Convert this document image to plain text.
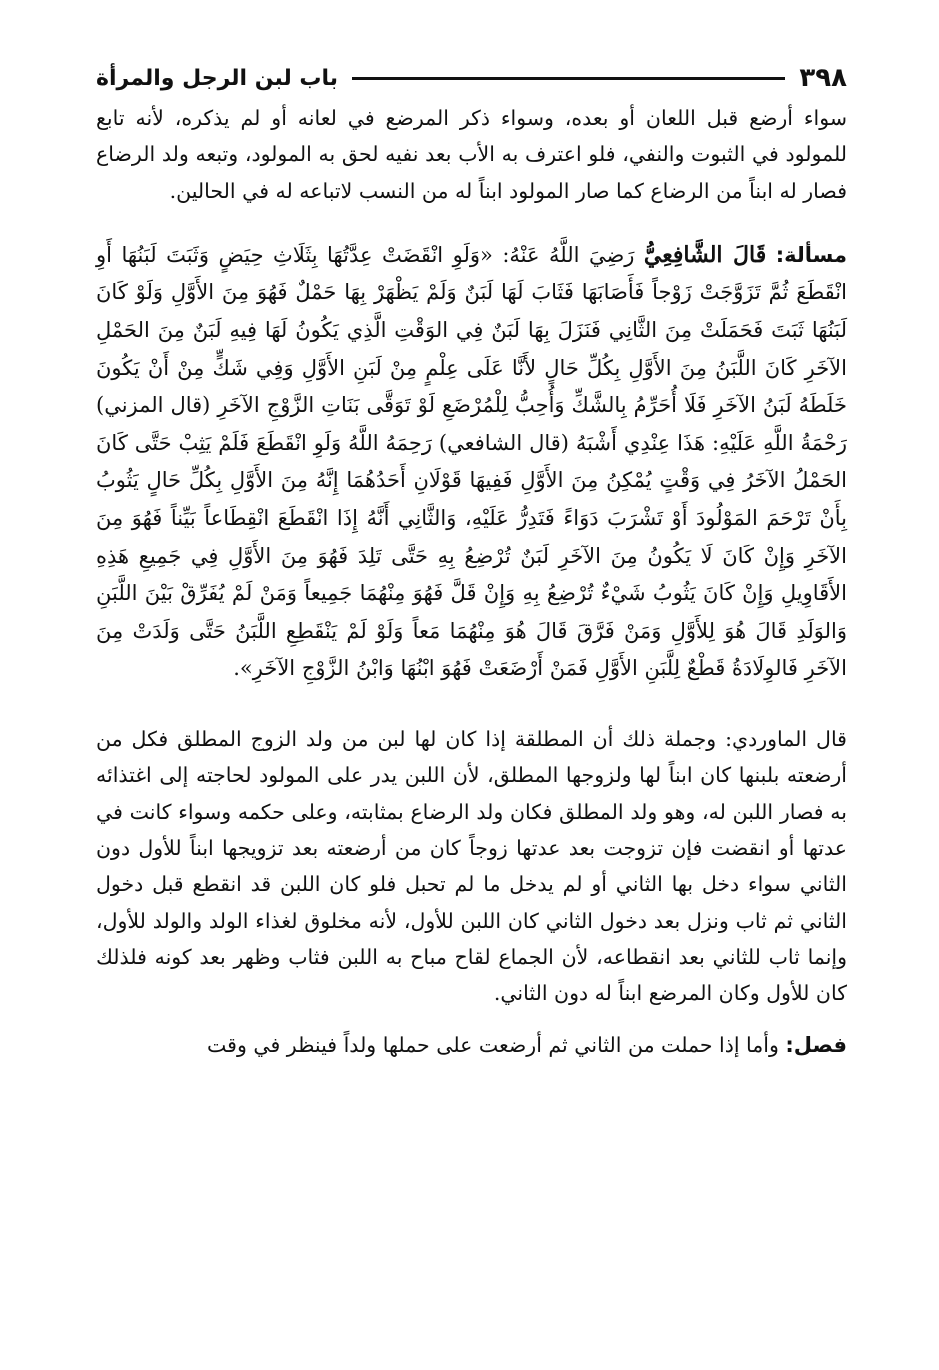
٣٩٨
باب لبن الرجل والمرأة

سواء أرضع قبل اللعان أو بعده، وسواء ذكر المرضع في لعانه أو لم يذكره، لأنه تابع للمولود في الثبوت والنفي، فلو اعترف به الأب بعد نفيه لحق به المولود، وتبعه ولد الرضاع فصار له ابناً من الرضاع كما صار المولود ابناً له من النسب لاتباعه له في الحالين.

مسألة: قَالَ الشَّافِعِيُّ رَضِيَ اللَّهُ عَنْهُ: «وَلَوِ انْقَضَتْ عِدَّتُهَا بِثَلَاثِ حِيَضٍ وَثَبَتَ لَبَنُهَا أَوِ انْقَطَعَ ثُمَّ تَزَوَّجَتْ زَوْجاً فَأَصَابَهَا فَثَابَ لَهَا لَبَنٌ وَلَمْ يَظْهَرْ بِهَا حَمْلٌ فَهُوَ مِنَ الأَوَّلِ وَلَوْ كَانَ لَبَنُهَا ثَبَتَ فَحَمَلَتْ مِنَ الثَّانِي فَنَزَلَ بِهَا لَبَنٌ فِي الوَقْتِ الَّذِي يَكُونُ لَهَا فِيهِ لَبَنٌ مِنَ الحَمْلِ الآخَرِ كَانَ اللَّبَنُ مِنَ الأَوَّلِ بِكُلِّ حَالٍ لأَنَّا عَلَى عِلْمٍ مِنْ لَبَنِ الأَوَّلِ وَفِي شَكٍّ مِنْ أَنْ يَكُونَ خَلَطَهُ لَبَنُ الآخَرِ فَلَا أُحَرِّمُ بِالشَّكِّ وَأُحِبُّ لِلْمُرْضَعِ لَوْ تَوَقَّى بَنَاتِ الزَّوْجِ الآخَرِ (قال المزني) رَحْمَةُ اللَّهِ عَلَيْهِ: هَذَا عِنْدِي أَشْبَهُ (قال الشافعي) رَحِمَهُ اللَّهُ وَلَوِ انْقَطَعَ فَلَمْ يَثِبْ حَتَّى كَانَ الحَمْلُ الآخَرُ فِي وَقْتٍ يُمْكِنُ مِنَ الأَوَّلِ فَفِيهَا قَوْلَانِ أَحَدُهُمَا إِنَّهُ مِنَ الأَوَّلِ بِكُلِّ حَالٍ يَثُوبُ بِأَنْ تَرْحَمَ المَوْلُودَ أَوْ تَشْرَبَ دَوَاءً فَتَدِرُّ عَلَيْهِ، وَالثَّانِي أَنَّهُ إِذَا انْقَطَعَ انْقِطَاعاً بَيِّناً فَهُوَ مِنَ الآخَرِ وَإِنْ كَانَ لَا يَكُونُ مِنَ الآخَرِ لَبَنٌ تُرْضِعُ بِهِ حَتَّى تَلِدَ فَهُوَ مِنَ الأَوَّلِ فِي جَمِيعِ هَذِهِ الأَقَاوِيلِ وَإِنْ كَانَ يَثُوبُ شَيْءٌ تُرْضِعُ بِهِ وَإِنْ قَلَّ فَهُوَ مِنْهُمَا جَمِيعاً وَمَنْ لَمْ يُفَرِّقْ بَيْنَ اللَّبَنِ وَالوَلَدِ قَالَ هُوَ لِلأَوَّلِ وَمَنْ فَرَّقَ قَالَ هُوَ مِنْهُمَا مَعاً وَلَوْ لَمْ يَنْقَطِعِ اللَّبَنُ حَتَّى وَلَدَتْ مِنَ الآخَرِ فَالوِلَادَةُ قَطْعٌ لِلَّبَنِ الأَوَّلِ فَمَنْ أَرْضَعَتْ فَهُوَ ابْنُهَا وَابْنُ الزَّوْجِ الآخَرِ».

قال الماوردي: وجملة ذلك أن المطلقة إذا كان لها لبن من ولد الزوج المطلق فكل من أرضعته بلبنها كان ابناً لها ولزوجها المطلق، لأن اللبن يدر على المولود لحاجته إلى اغتذائه به فصار اللبن له، وهو ولد المطلق فكان ولد الرضاع بمثابته، وعلى حكمه وسواء كانت في عدتها أو انقضت فإن تزوجت بعد عدتها زوجاً كان من أرضعته بعد تزويجها ابناً للأول دون الثاني سواء دخل بها الثاني أو لم يدخل ما لم تحبل فلو كان اللبن قد انقطع قبل دخول الثاني ثم ثاب ونزل بعد دخول الثاني كان اللبن للأول، لأنه مخلوق لغذاء الولد والولد للأول، وإنما ثاب للثاني بعد انقطاعه، لأن الجماع لقاح مباح به اللبن فثاب وظهر بعد كونه فلذلك كان للأول وكان المرضع ابناً له دون الثاني.

فصل: وأما إذا حملت من الثاني ثم أرضعت على حملها ولداً فينظر في وقت
